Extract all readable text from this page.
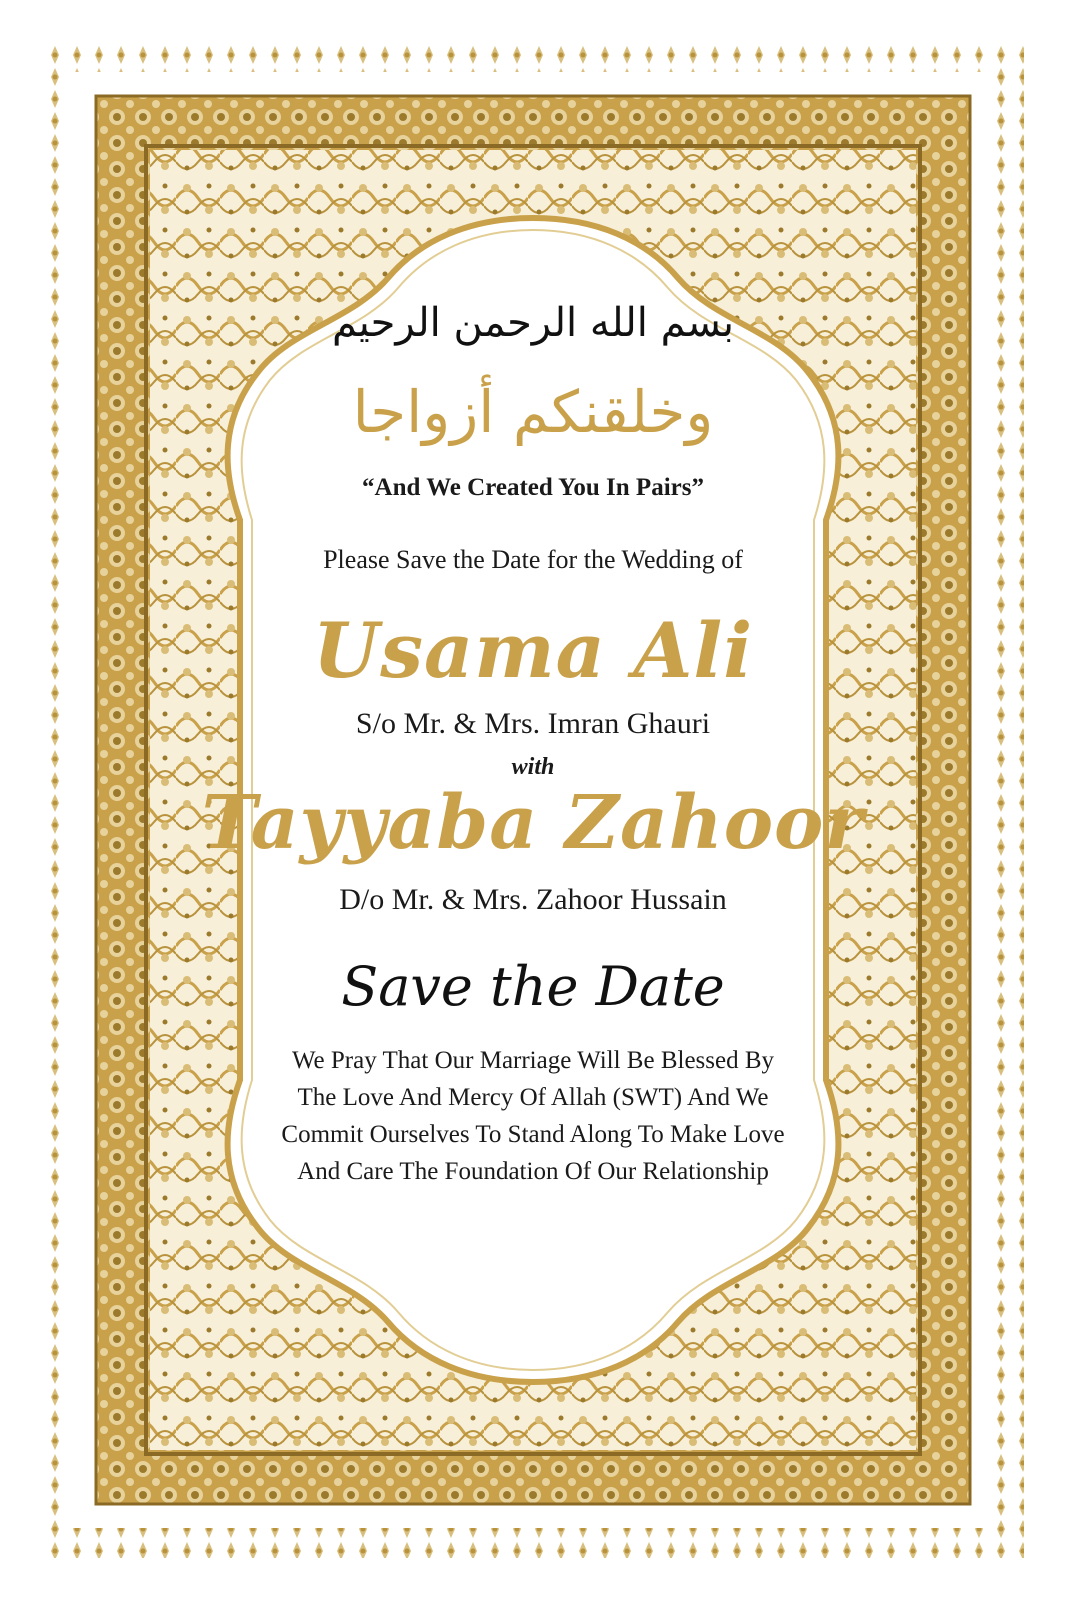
بسم الله الرحمن الرحيم
وخلقنكم أزواجا
“And We Created You In Pairs”
Please Save the Date for the Wedding of
Usama Ali
S/o Mr. & Mrs. Imran Ghauri
with
Tayyaba Zahoor
D/o Mr. & Mrs. Zahoor Hussain
Save the Date
We Pray That Our Marriage Will Be Blessed By
The Love And Mercy Of Allah (SWT) And We
Commit Ourselves To Stand Along To Make Love
And Care The Foundation Of Our Relationship
